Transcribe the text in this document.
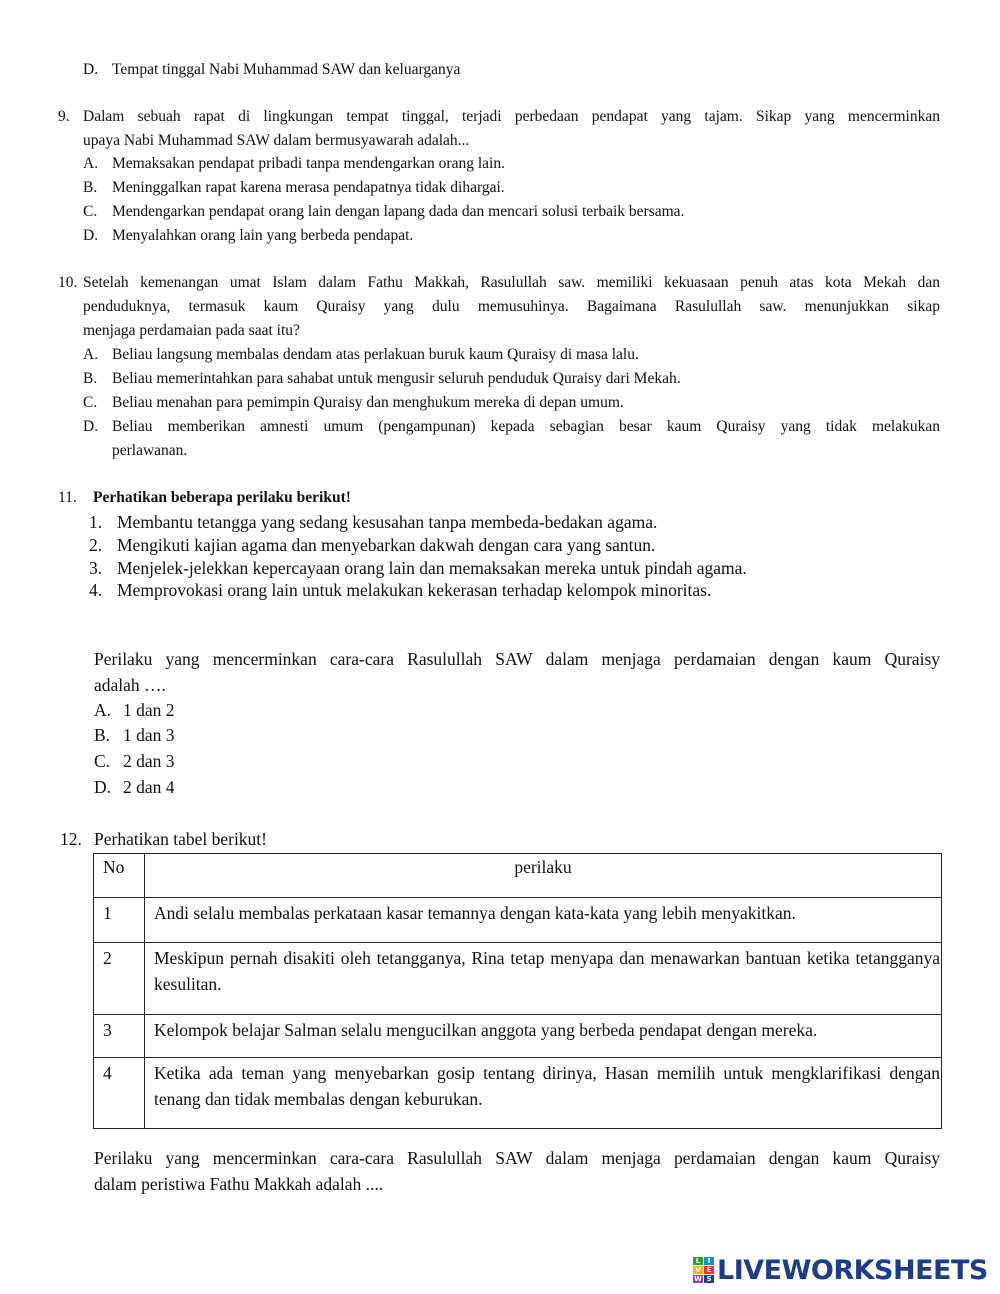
D. Tempat tinggal Nabi Muhammad SAW dan keluarganya
9. Dalam sebuah rapat di lingkungan tempat tinggal, terjadi perbedaan pendapat yang tajam. Sikap yang mencerminkan
upaya Nabi Muhammad SAW dalam bermusyawarah adalah...
A. Memaksakan pendapat pribadi tanpa mendengarkan orang lain.
B. Meninggalkan rapat karena merasa pendapatnya tidak dihargai.
C. Mendengarkan pendapat orang lain dengan lapang dada dan mencari solusi terbaik bersama.
D. Menyalahkan orang lain yang berbeda pendapat.
10. Setelah kemenangan umat Islam dalam Fathu Makkah, Rasulullah saw. memiliki kekuasaan penuh atas kota Mekah dan
penduduknya, termasuk kaum Quraisy yang dulu memusuhinya. Bagaimana Rasulullah saw. menunjukkan sikap
menjaga perdamaian pada saat itu?
A. Beliau langsung membalas dendam atas perlakuan buruk kaum Quraisy di masa lalu.
B. Beliau memerintahkan para sahabat untuk mengusir seluruh penduduk Quraisy dari Mekah.
C. Beliau menahan para pemimpin Quraisy dan menghukum mereka di depan umum.
D. Beliau memberikan amnesti umum (pengampunan) kepada sebagian besar kaum Quraisy yang tidak melakukan
perlawanan.
11. Perhatikan beberapa perilaku berikut!
1. Membantu tetangga yang sedang kesusahan tanpa membeda-bedakan agama.
2. Mengikuti kajian agama dan menyebarkan dakwah dengan cara yang santun.
3. Menjelek-jelekkan kepercayaan orang lain dan memaksakan mereka untuk pindah agama.
4. Memprovokasi orang lain untuk melakukan kekerasan terhadap kelompok minoritas.
Perilaku yang mencerminkan cara-cara Rasulullah SAW dalam menjaga perdamaian dengan kaum Quraisy
adalah ….
A. 1 dan 2
B. 1 dan 3
C. 2 dan 3
D. 2 dan 4
12. Perhatikan tabel berikut!
No	perilaku
1	Andi selalu membalas perkataan kasar temannya dengan kata-kata yang lebih menyakitkan.
2	Meskipun pernah disakiti oleh tetangganya, Rina tetap menyapa dan menawarkan bantuan ketika tetangganya kesulitan.
3	Kelompok belajar Salman selalu mengucilkan anggota yang berbeda pendapat dengan mereka.
4	Ketika ada teman yang menyebarkan gosip tentang dirinya, Hasan memilih untuk mengklarifikasi dengan tenang dan tidak membalas dengan keburukan.
Perilaku yang mencerminkan cara-cara Rasulullah SAW dalam menjaga perdamaian dengan kaum Quraisy
dalam peristiwa Fathu Makkah adalah ....
L	I
V E
W S LIVEWORKSHEETS
